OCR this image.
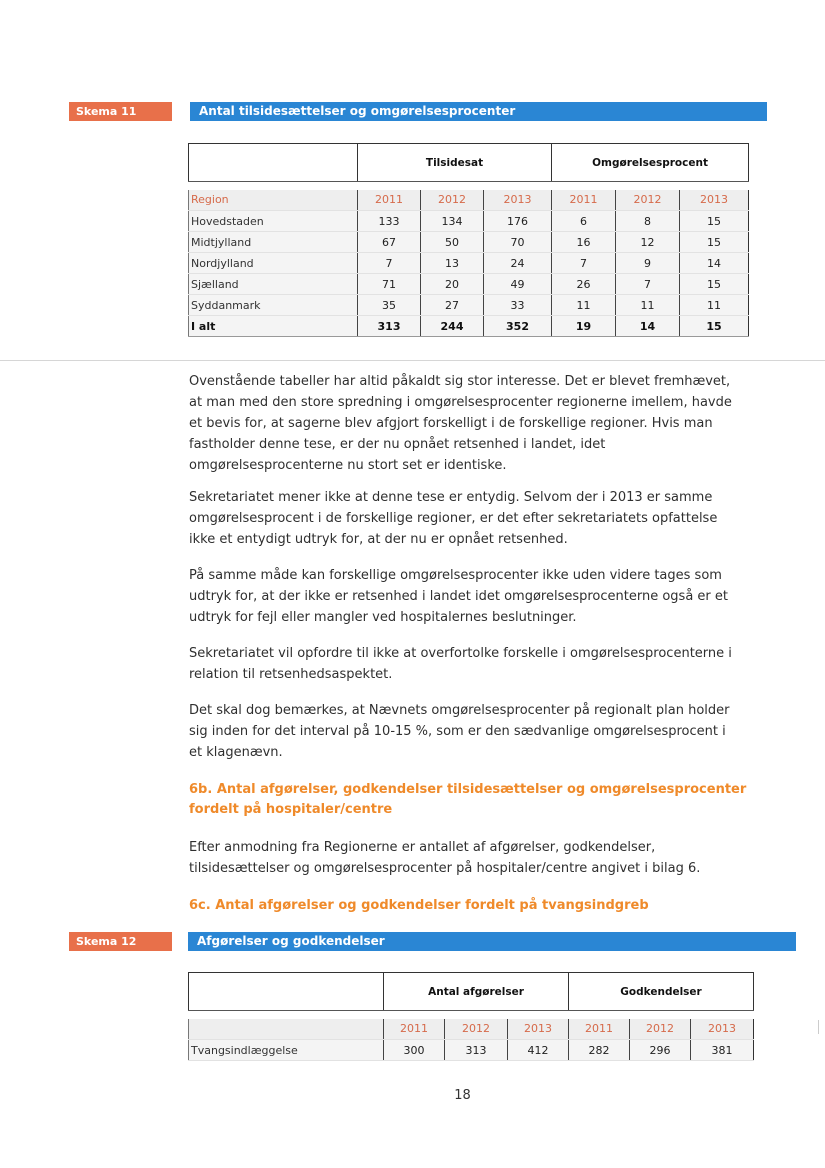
Skema 11	Antal tilsidesættelser og omgørelsesprocenter
	Tilsidesat			Omgørelsesprocent		

Region	2011	2012	2013	2011	2012	2013
Hovedstaden	133	134	176	6	8	15
Midtjylland	67	50	70	16	12	15
Nordjylland	7	13	24	7	9	14
Sjælland	71	20	49	26	7	15
Syddanmark	35	27	33	11	11	11
I alt	313	244	352	19	14	15

Ovenstående tabeller har altid påkaldt sig stor interesse. Det er blevet fremhævet, at man med den store spredning i omgørelsesprocenter regionerne imellem, havde et bevis for, at sagerne blev afgjort forskelligt i de forskellige regioner. Hvis man fastholder denne tese, er der nu opnået retsenhed i landet, idet omgørelsesprocenterne nu stort set er identiske.

Sekretariatet mener ikke at denne tese er entydig. Selvom der i 2013 er samme omgørelsesprocent i de forskellige regioner, er det efter sekretariatets opfattelse ikke et entydigt udtryk for, at der nu er opnået retsenhed.

På samme måde kan forskellige omgørelsesprocenter ikke uden videre tages som udtryk for, at der ikke er retsenhed i landet idet omgørelsesprocenterne også er et udtryk for fejl eller mangler ved hospitalernes beslutninger.

Sekretariatet vil opfordre til ikke at overfortolke forskelle i omgørelsesprocenterne i relation til retsenhedsaspektet.

Det skal dog bemærkes, at Nævnets omgørelsesprocenter på regionalt plan holder sig inden for det interval på 10-15 %, som er den sædvanlige omgørelsesprocent i et klagenævn.

6b. Antal afgørelser, godkendelser tilsidesættelser og omgørelsesprocenter fordelt på hospitaler/centre

Efter anmodning fra Regionerne er antallet af afgørelser, godkendelser, tilsidesættelser og omgørelsesprocenter på hospitaler/centre angivet i bilag 6.

6c. Antal afgørelser og godkendelser fordelt på tvangsindgreb
Skema 12	Afgørelser og godkendelser
	Antal afgørelser			Godkendelser		

	2011	2012	2013	2011	2012	2013
Tvangsindlæggelse	300	313	412	282	296	381
18
